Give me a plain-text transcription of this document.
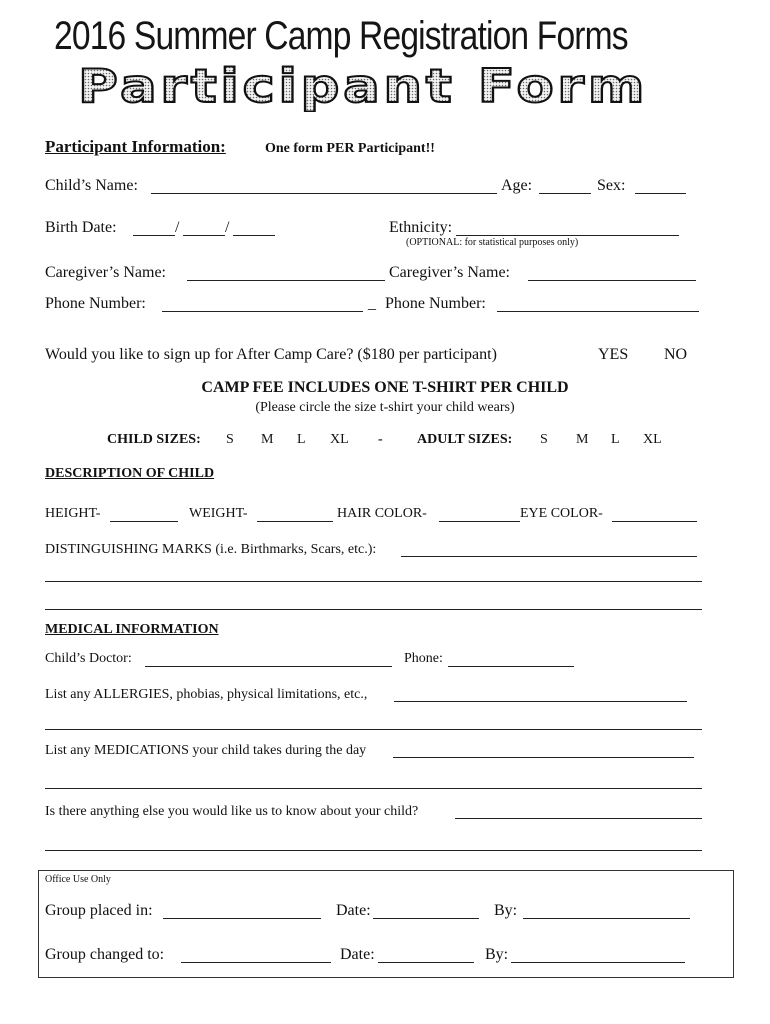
2016 Summer Camp Registration Forms
Participant Form
Participant Information:	One form PER Participant!!
Child’s Name:	Age:	Sex:
Birth Date:	/	/	Ethnicity:
(OPTIONAL: for statistical purposes only)
Caregiver’s Name:	Caregiver’s Name:
Phone Number:	_ Phone Number:
Would you like to sign up for After Camp Care? ($180 per participant)	YES NO
CAMP FEE INCLUDES ONE T-SHIRT PER CHILD
(Please circle the size t-shirt your child wears)
CHILD SIZES: S M L XL - ADULT SIZES: S M L XL
DESCRIPTION OF CHILD
HEIGHT-	WEIGHT-	HAIR COLOR-	EYE COLOR-
DISTINGUISHING MARKS (i.e. Birthmarks, Scars, etc.):
MEDICAL INFORMATION
Child’s Doctor:	Phone:
List any ALLERGIES, phobias, physical limitations, etc.,
List any MEDICATIONS your child takes during the day
Is there anything else you would like us to know about your child?
Office Use Only
Group placed in:	Date:	By:
Group changed to:	Date:	By:
